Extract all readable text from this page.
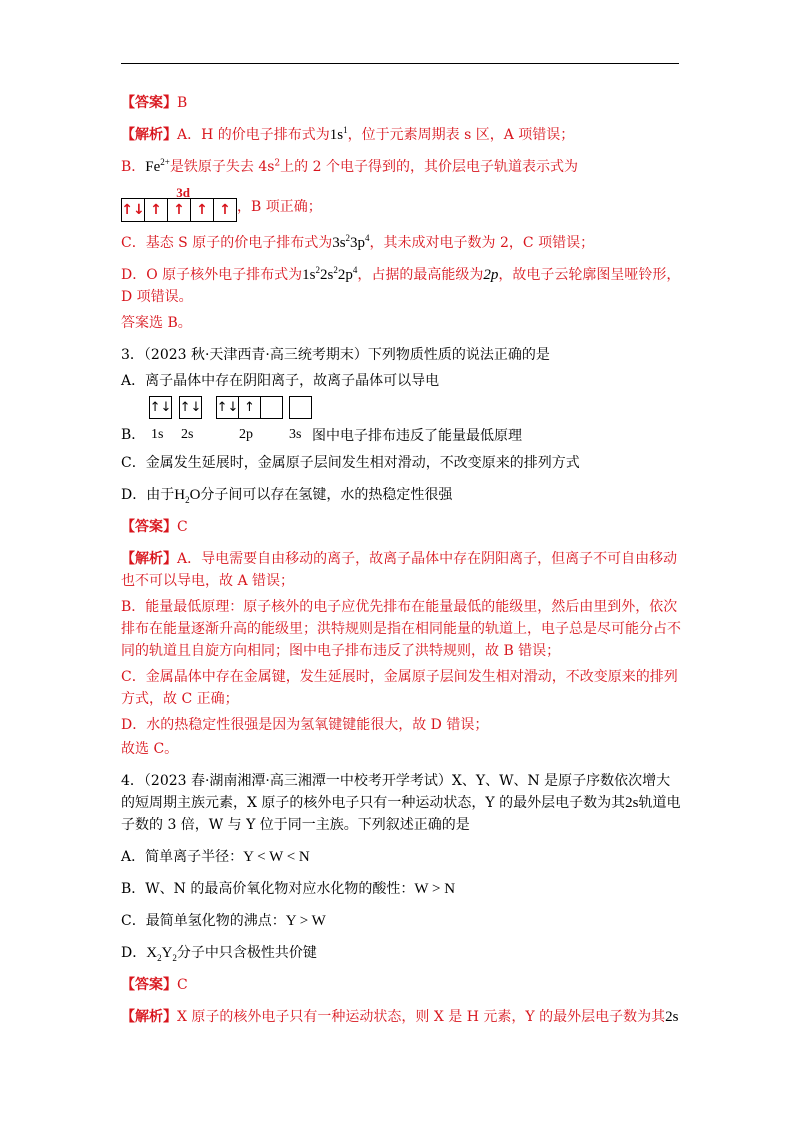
【答案】B
【解析】A．H 的价电子排布式为$1s^1$，位于元素周期表 s 区，A 项错误；
B．$Fe^{2+}$是铁原子失去 $4s^2$上的 2 个电子得到的，其价层电子轨道表示式为
3d
↑↓ ↑ ↑ ↑ ↑ ，B 项正确；
C．基态 S 原子的价电子排布式为$3s^23p^4$，其未成对电子数为 2，C 项错误；
D．O 原子核外电子排布式为$1s^22s^22p^4$，占据的最高能级为2p，故电子云轮廓图呈哑铃形，D 项错误。
答案选 B。
3．（2023 秋·天津西青·高三统考期末）下列物质性质的说法正确的是
A．离子晶体中存在阴阳离子，故离子晶体可以导电
B．
↑↓ ↑↓ ↑↓ ↑
1s 2s	2p	3s 图中电子排布违反了能量最低原理
C．金属发生延展时，金属原子层间发生相对滑动，不改变原来的排列方式
D．由于$H_2O$分子间可以存在氢键，水的热稳定性很强
【答案】C
【解析】A．导电需要自由移动的离子，故离子晶体中存在阴阳离子，但离子不可自由移动也不可以导电，故 A 错误；
B．能量最低原理：原子核外的电子应优先排布在能量最低的能级里，然后由里到外，依次排布在能量逐渐升高的能级里；洪特规则是指在相同能量的轨道上，电子总是尽可能分占不同的轨道且自旋方向相同；图中电子排布违反了洪特规则，故 B 错误；
C．金属晶体中存在金属键，发生延展时，金属原子层间发生相对滑动，不改变原来的排列方式，故 C 正确；
D．水的热稳定性很强是因为氢氧键键能很大，故 D 错误；
故选 C。
4．（2023 春·湖南湘潭·高三湘潭一中校考开学考试）X、Y、W、N 是原子序数依次增大的短周期主族元素，X 原子的核外电子只有一种运动状态，Y 的最外层电子数为其2s轨道电子数的 3 倍，W 与 Y 位于同一主族。下列叙述正确的是
A．简单离子半径：Y < W < N
B．W、N 的最高价氧化物对应水化物的酸性：W > N
C．最简单氢化物的沸点：Y > W
D．$X_2Y_2$分子中只含极性共价键
【答案】C
【解析】X 原子的核外电子只有一种运动状态，则 X 是 H 元素，Y 的最外层电子数为其2s
